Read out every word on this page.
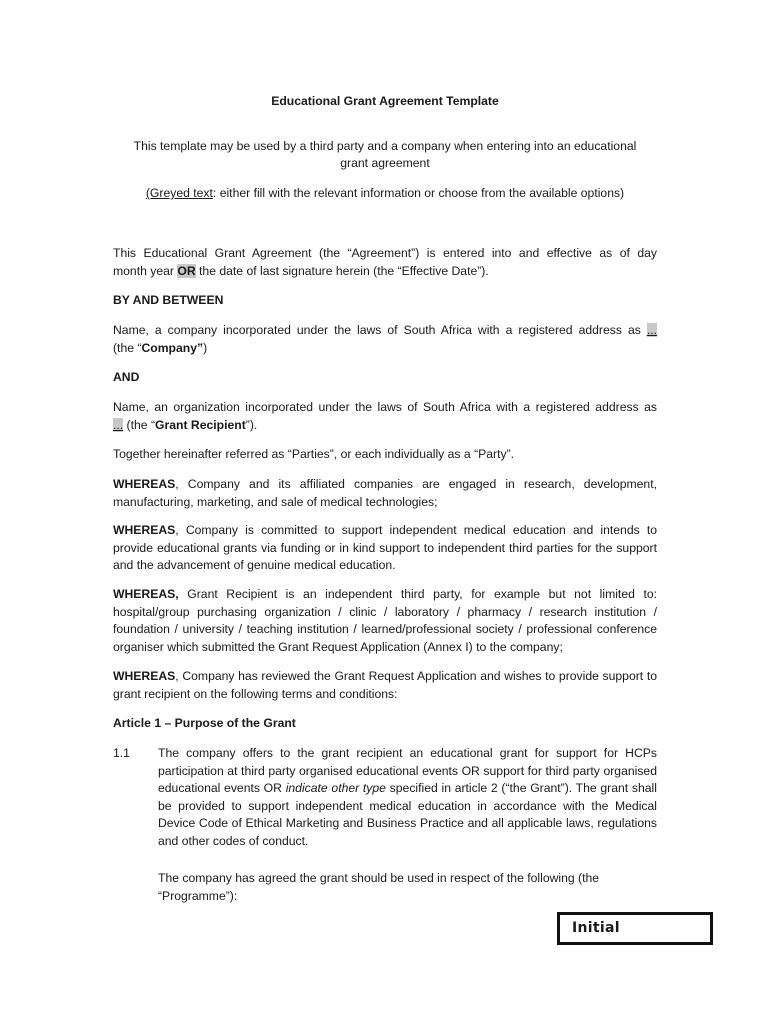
Educational Grant Agreement Template
This template may be used by a third party and a company when entering into an educational
grant agreement
(Greyed text: either fill with the relevant information or choose from the available options)
This Educational Grant Agreement (the “Agreement”) is entered into and effective as of day
month year OR the date of last signature herein (the “Effective Date”).
BY AND BETWEEN
Name, a company incorporated under the laws of South Africa with a registered address as ...
(the “Company”)
AND
Name, an organization incorporated under the laws of South Africa with a registered address as
... (the “Grant Recipient”).
Together hereinafter referred as “Parties”, or each individually as a “Party”.
WHEREAS, Company and its affiliated companies are engaged in research, development, manufacturing, marketing, and sale of medical technologies;
WHEREAS, Company is committed to support independent medical education and intends to provide educational grants via funding or in kind support to independent third parties for the support and the advancement of genuine medical education.
WHEREAS, Grant Recipient is an independent third party, for example but not limited to: hospital/group purchasing organization / clinic / laboratory / pharmacy / research institution / foundation / university / teaching institution / learned/professional society / professional conference organiser which submitted the Grant Request Application (Annex I) to the company;
WHEREAS, Company has reviewed the Grant Request Application and wishes to provide support to grant recipient on the following terms and conditions:
Article 1 – Purpose of the Grant
1.1	The company offers to the grant recipient an educational grant for support for HCPs participation at third party organised educational events OR support for third party organised educational events OR indicate other type specified in article 2 (“the Grant”). The grant shall be provided to support independent medical education in accordance with the Medical Device Code of Ethical Marketing and Business Practice and all applicable laws, regulations and other codes of conduct.
The company has agreed the grant should be used in respect of the following (the
“Programme”):
Initial
